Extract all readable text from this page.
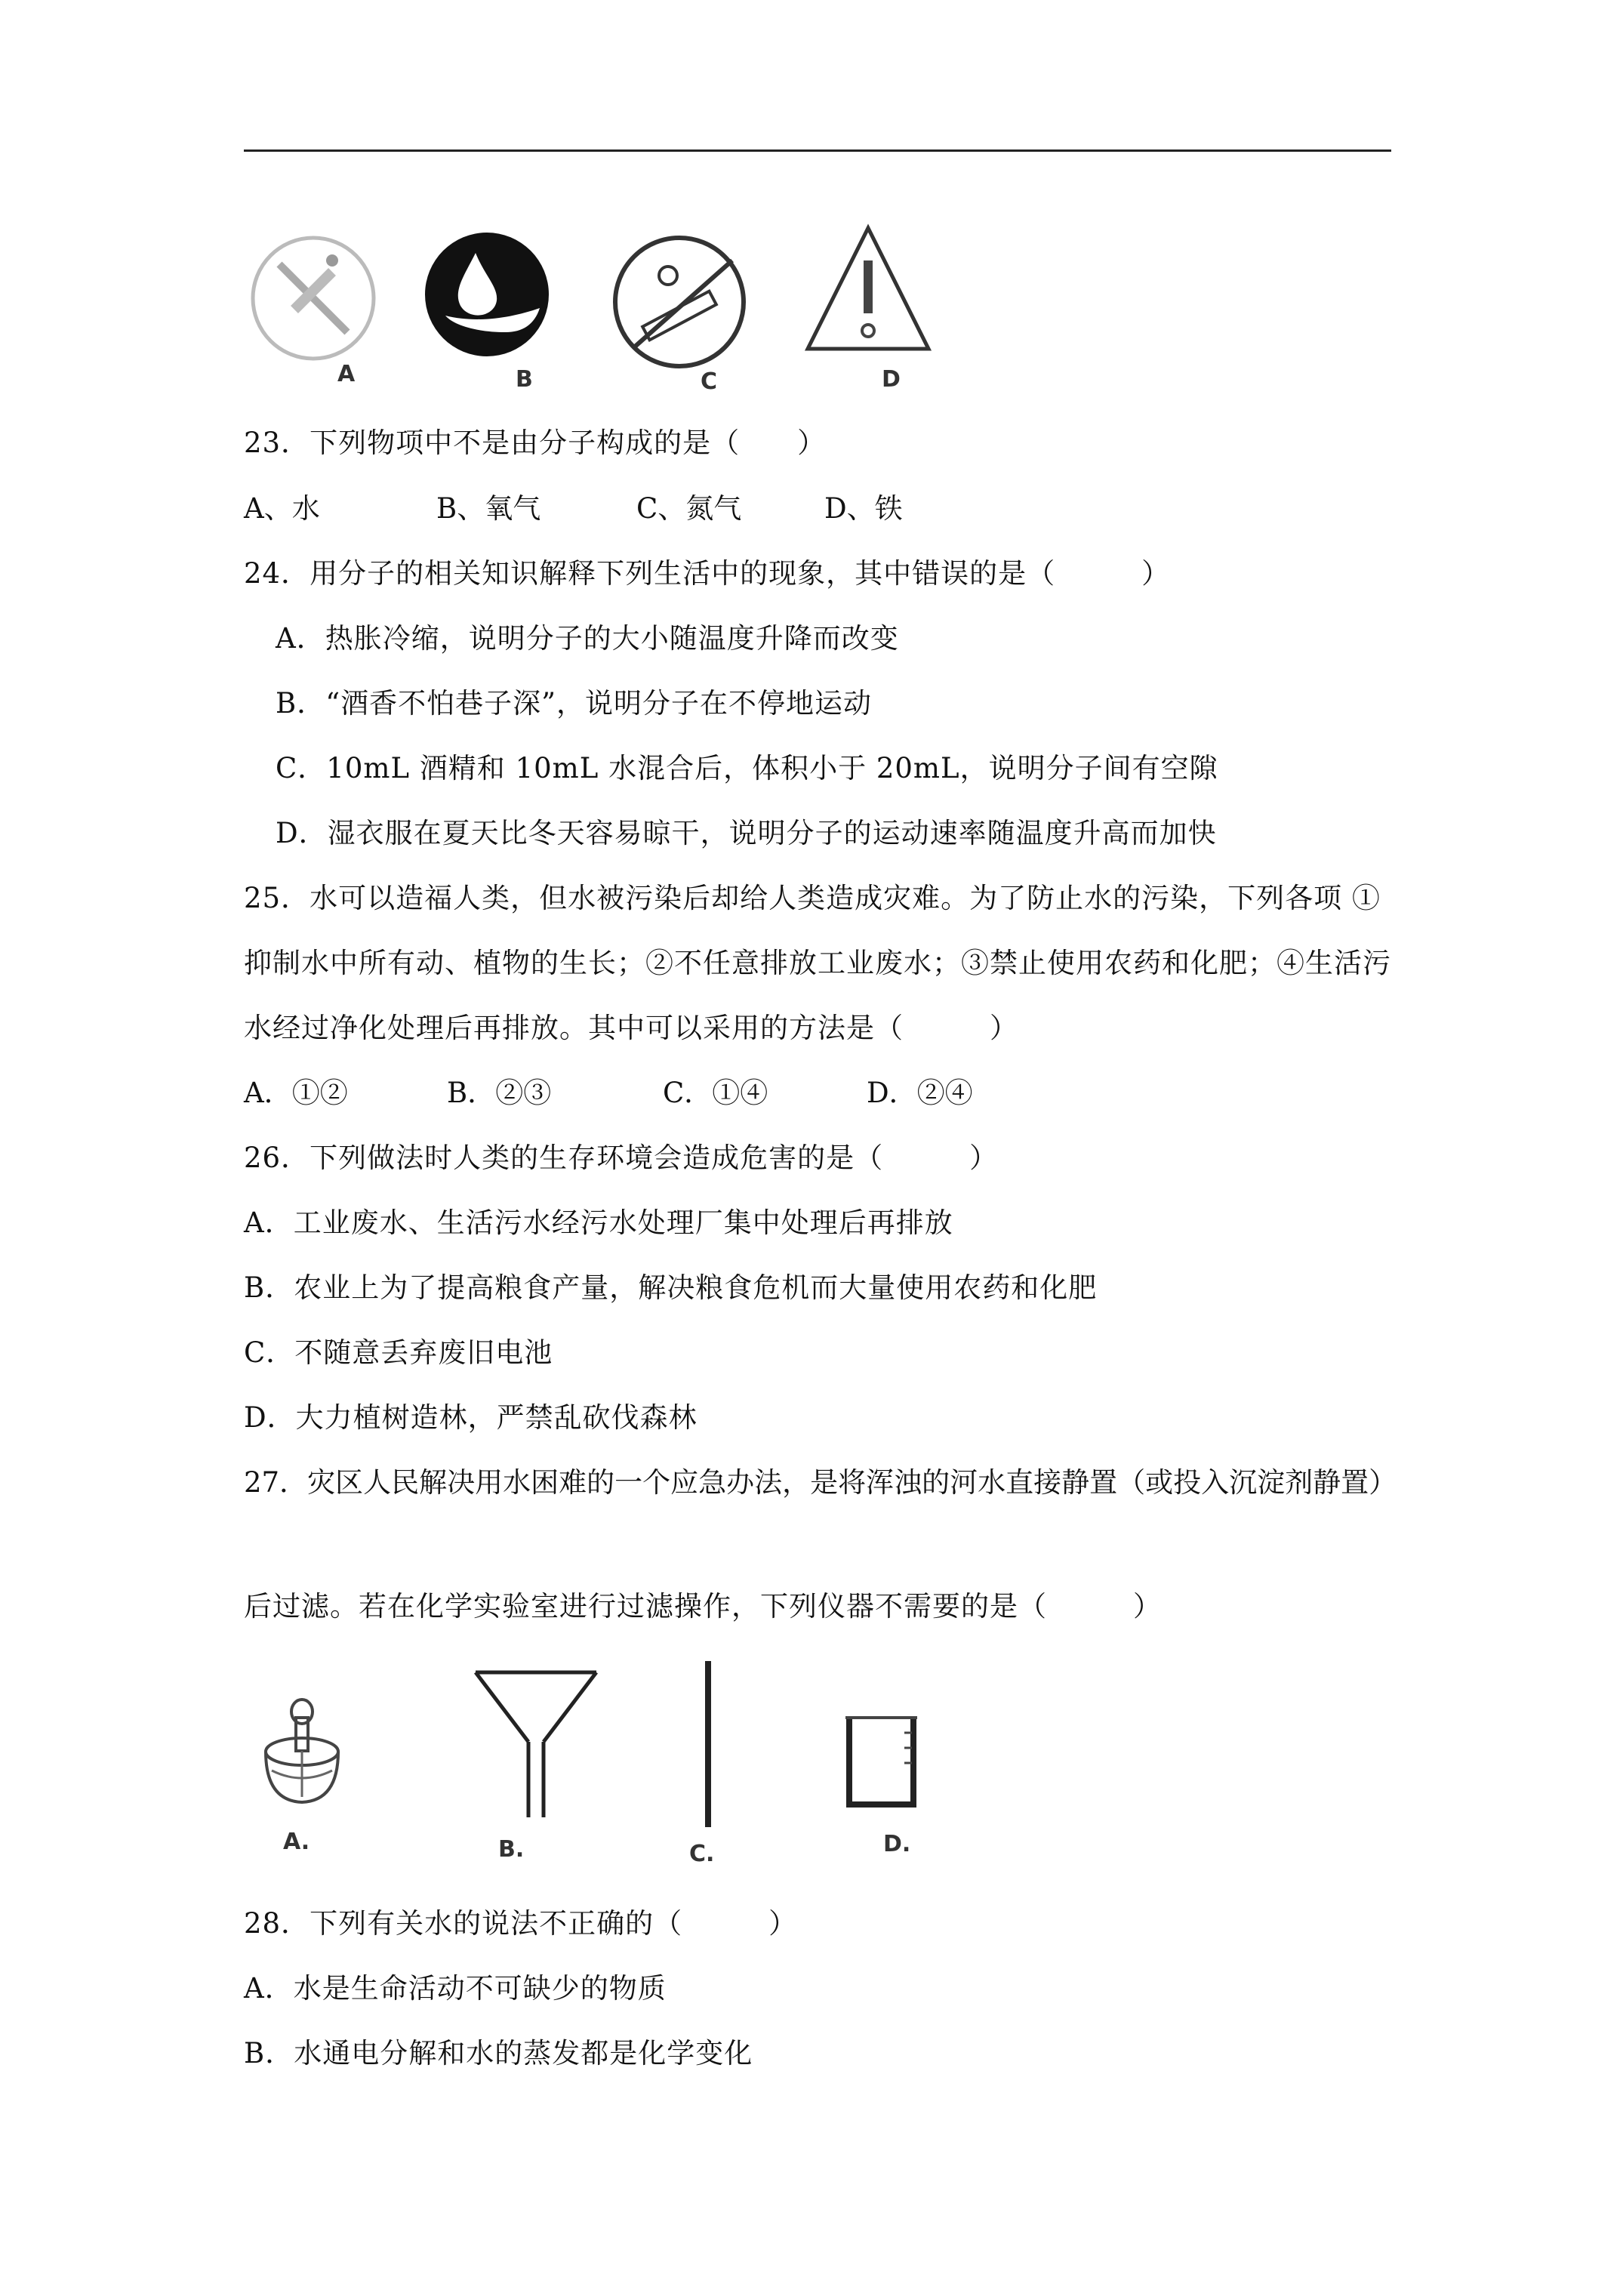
A	B	C	D
23．下列物项中不是由分子构成的是（　　）
A、水	B、氧气	C、氮气	D、铁
24．用分子的相关知识解释下列生活中的现象，其中错误的是（　　　）
A．热胀冷缩，说明分子的大小随温度升降而改变
B．“酒香不怕巷子深”，说明分子在不停地运动
C．10mL 酒精和 10mL 水混合后，体积小于 20mL，说明分子间有空隙
D．湿衣服在夏天比冬天容易晾干，说明分子的运动速率随温度升高而加快
25．水可以造福人类，但水被污染后却给人类造成灾难。为了防止水的污染，下列各项 ①
抑制水中所有动、植物的生长；②不任意排放工业废水；③禁止使用农药和化肥；④生活污
水经过净化处理后再排放。其中可以采用的方法是（　　　）
A．①②	B．②③	C．①④	D．②④
26．下列做法时人类的生存环境会造成危害的是（　　　）
A．工业废水、生活污水经污水处理厂集中处理后再排放
B．农业上为了提高粮食产量，解决粮食危机而大量使用农药和化肥
C．不随意丢弃废旧电池
D．大力植树造林，严禁乱砍伐森林
27．灾区人民解决用水困难的一个应急办法，是将浑浊的河水直接静置（或投入沉淀剂静置）
后过滤。若在化学实验室进行过滤操作，下列仪器不需要的是（　　　）
A.	B.	C.	D.
28．下列有关水的说法不正确的（　　　）
A．水是生命活动不可缺少的物质
B．水通电分解和水的蒸发都是化学变化
